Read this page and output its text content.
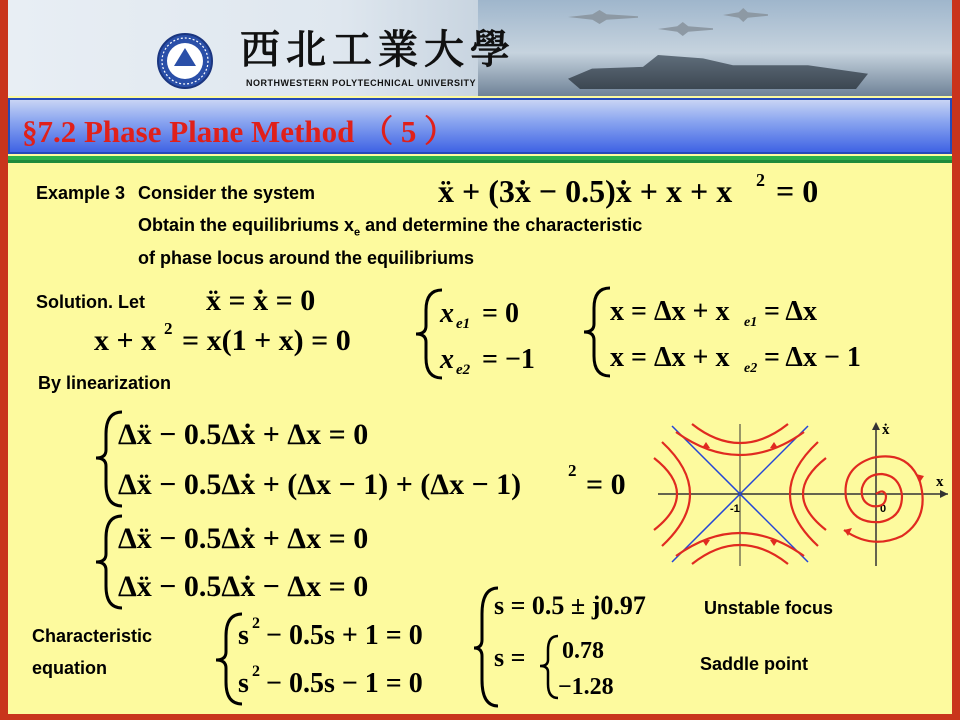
西北工業大學
NORTHWESTERN POLYTECHNICAL UNIVERSITY
§7.2 Phase Plane Method （ 5 ）
Example 3 Consider the system
Obtain the equilibriums $x_e$ and determine the characteristic
of phase locus around the equilibriums
ẍ + (3ẋ − 0.5)ẋ + x + x 2 = 0
Solution. Let ẍ = ẋ = 0
x + x 2 = x(1 + x) = 0
x e1 = 0
x e2 = −1
x = Δx + x e1 = Δx
x = Δx + x e2 = Δx − 1
By linearization
Δẍ − 0.5Δẋ + Δx = 0
Δẍ − 0.5Δẋ + (Δx − 1) + (Δx − 1)	2 = 0
Δẍ − 0.5Δẋ + Δx = 0
Δẍ − 0.5Δẋ − Δx = 0
Characteristic
equation
s 2 − 0.5s + 1 = 0
s 2 − 0.5s − 1 = 0
s = 0.5 ± j0.97
s = 0.78
−1.28
Unstable focus
Saddle point
x
ẋ
-1	0
